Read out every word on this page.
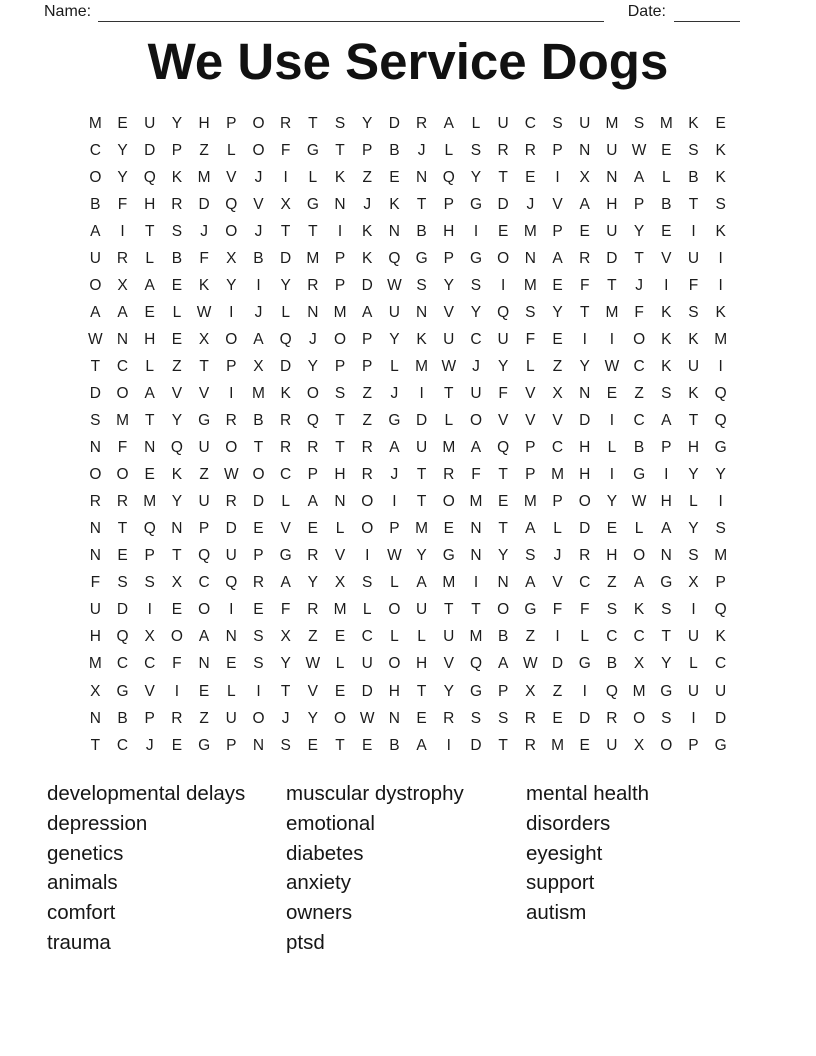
Name:	Date:
We Use Service Dogs
M	E	U	Y	H	P	O	R	T	S	Y	D	R	A	L	U	C	S	U M	S	M	K	E
C	Y	D	P	Z	L	O	F	G	T	P	B	J	L	S	R	R	P	N	U W E	S	K
O	Y	Q	K	M	V	J	I	L	K	Z	E	N	Q	Y	T	E	I	X	N	A	L	B	K
B	F	H	R	D	Q	V	X	G	N	J	K	T	P	G	D	J	V	A	H	P	B	T	S
A	I	T	S	J	O	J	T	T	I	K	N	B	H	I	E	M	P	E	U	Y	E	I	K
U	R	L	B	F	X	B	D M	P	K	Q G	P	G O	N	A	R	D	T	V	U	I
O	X	A	E	K	Y	I	Y	R	P	D W S	Y	S	I	M	E	F	T	J	I	F	I
A	A	E	L	W	I	J	L	N M	A	U	N	V	Y	Q	S	Y	T	M	F	K	S	K
W N	H	E	X	O	A	Q	J	O	P	Y	K	U	C	U	F	E	I	I	O	K	K	M
T	C	L	Z	T	P	X	D	Y	P	P	L	M W	J	Y	L	Z	Y W C	K	U	I
D	O	A	V	V	I	M	K	O	S	Z	J	I	T	U	F	V	X	N	E	Z	S	K	Q
S	M	T	Y	G	R	B	R	Q	T	Z	G	D	L	O	V	V	V	D	I	C	A	T	Q
N	F	N	Q	U	O	T	R	R	T	R	A	U M	A	Q	P	C	H	L	B	P	H	G
O O	E	K	Z W O	C	P	H	R	J	T	R	F	T	P	M H	I	G	I	Y	Y
R	R M	Y	U	R	D	L	A	N	O	I	T	O M	E	M	P	O	Y W H	L	I
N	T	Q	N	P	D	E	V	E	L	O	P	M	E	N	T	A	L	D	E	L	A	Y	S
N	E	P	T	Q	U	P	G	R	V	I	W Y	G	N	Y	S	J	R	H	O	N	S	M
F	S	S	X	C	Q	R	A	Y	X	S	L	A	M	I	N	A	V	C	Z	A	G	X	P
U	D	I	E	O	I	E	F	R M	L	O	U	T	T	O G	F	F	S	K	S	I	Q
H	Q	X	O	A	N	S	X	Z	E	C	L	L	U M	B	Z	I	L	C	C	T	U	K
M C	C	F	N	E	S	Y W	L	U	O	H	V	Q	A W D	G	B	X	Y	L	C
X	G	V	I	E	L	I	T	V	E	D	H	T	Y	G	P	X	Z	I	Q M G	U	U
N	B	P	R	Z	U	O	J	Y	O W N	E	R	S	S	R	E	D	R	O	S	I	D
T	C	J	E	G	P	N	S	E	T	E	B	A	I	D	T	R M	E	U	X	O	P	G
developmental delays
depression
genetics
animals
comfort
trauma
muscular dystrophy
emotional
diabetes
anxiety
owners
ptsd
mental health
disorders
eyesight
support
autism
